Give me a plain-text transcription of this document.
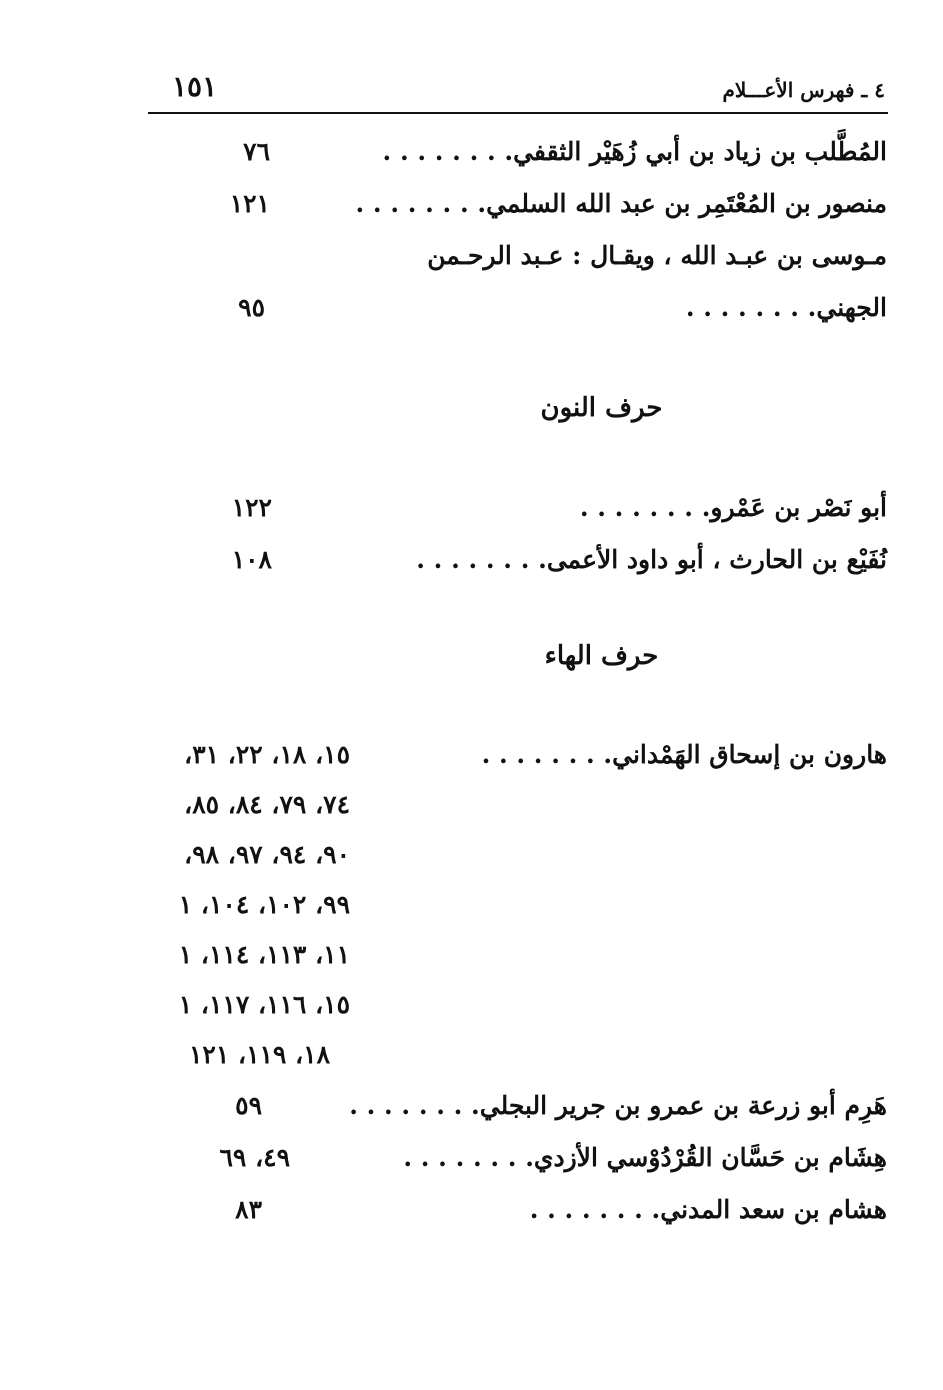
٤ ـ فهرس الأعـــلام
١٥١
المُطَّلب بن زياد بن أبي زُهَيْر الثقفي. . . . . . . .
٧٦
منصور بن المُعْتَمِر بن عبد الله السلمي. . . . . . . .
١٢١
مـوسى بن عبـد الله ، ويقـال : عـبد الرحـمن
الجهني. . . . . . . .
٩٥
حرف النون
أبو نَصْر بن عَمْرو. . . . . . . .
١٢٢
نُفَيْع بن الحارث ، أبو داود الأعمى. . . . . . . .
١٠٨
حرف الهاء
هارون بن إسحاق الهَمْداني. . . . . . . .
١٥، ١٨، ٢٢، ٣١،
٧٤، ٧٩، ٨٤، ٨٥،
٩٠، ٩٤، ٩٧، ٩٨،
٩٩، ١٠٢، ١٠٤، ١
١١، ١١٣، ١١٤، ١
١٥، ١١٦، ١١٧، ١
١٨، ١١٩، ١٢١
هَرِم أبو زرعة بن عمرو بن جرير البجلي. . . . . . . .
٥٩
هِشَام بن حَسَّان القُرْدُوْسي الأزدي. . . . . . . .
٤٩، ٦٩
هشام بن سعد المدني. . . . . . . .
٨٣
